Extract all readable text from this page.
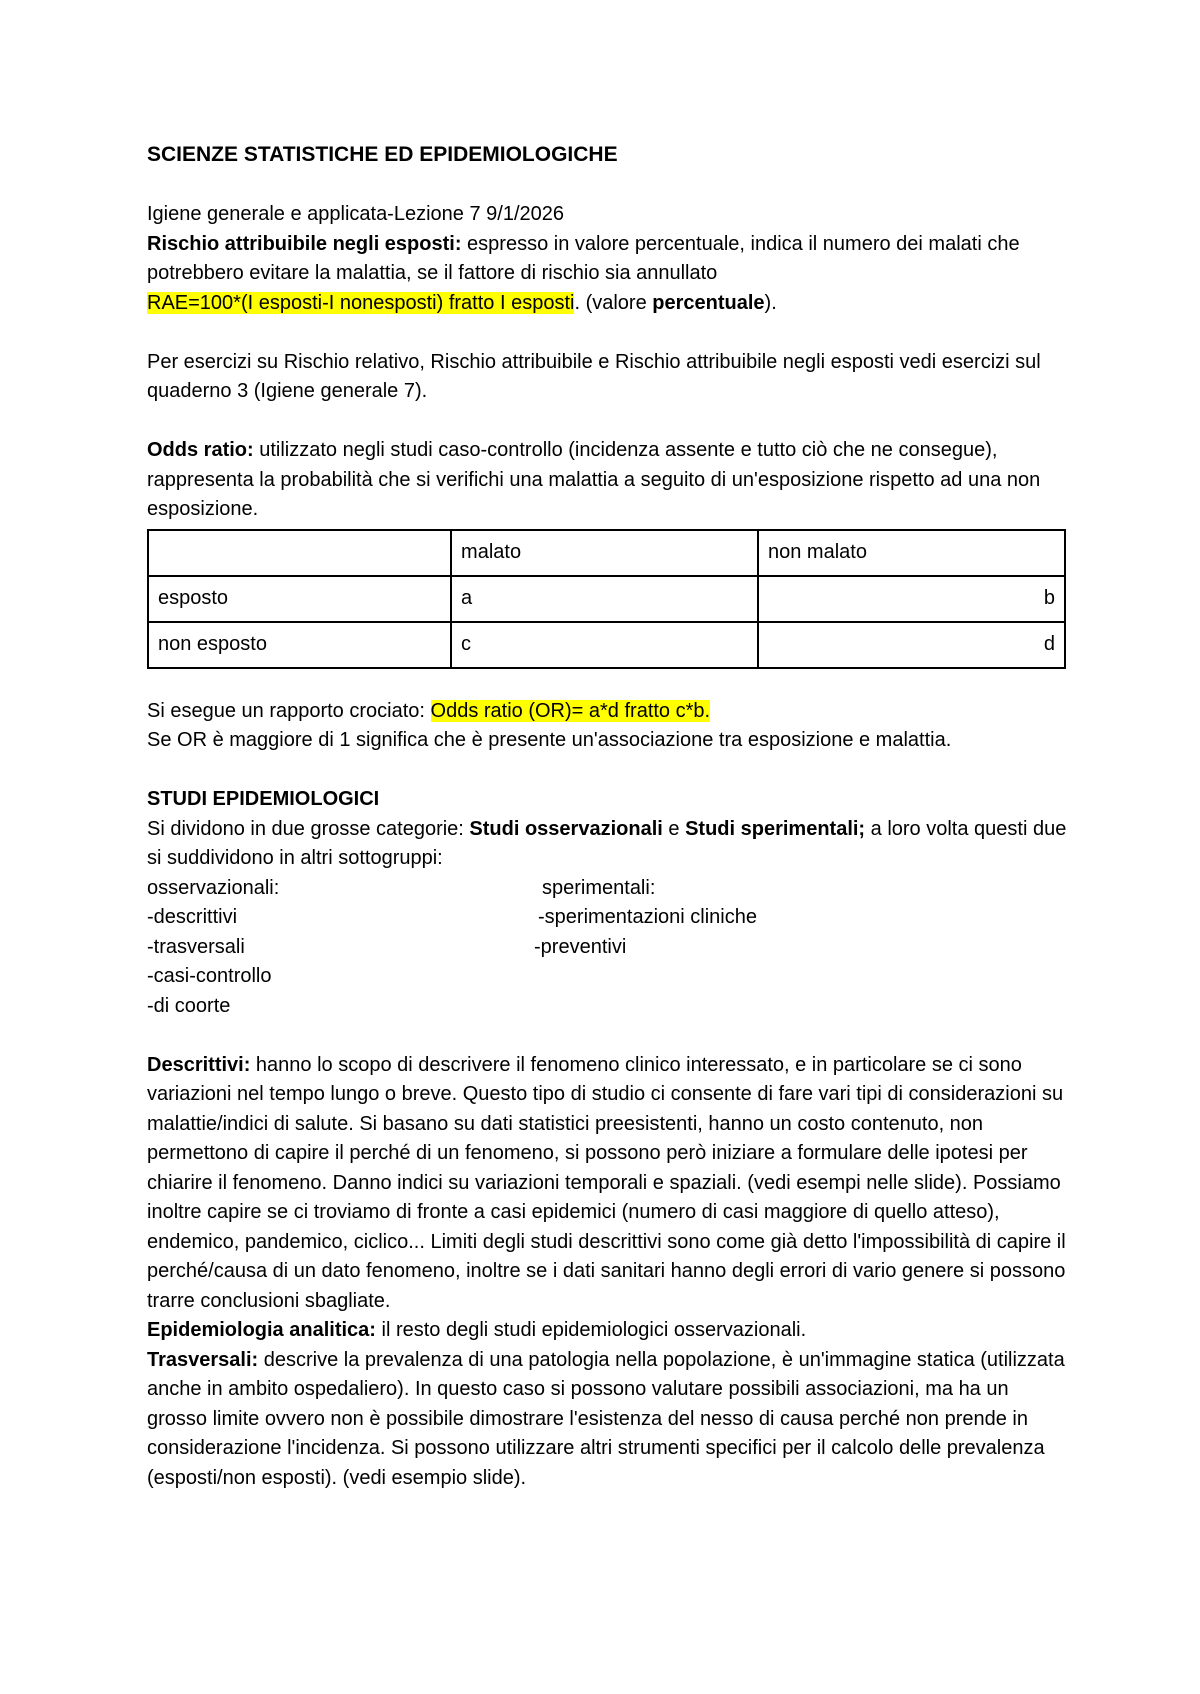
SCIENZE STATISTICHE ED EPIDEMIOLOGICHE

Igiene generale e applicata-Lezione 7 9/1/2026

Rischio attribuibile negli esposti: espresso in valore percentuale, indica il numero dei malati che potrebbero evitare la malattia, se il fattore di rischio sia annullato

RAE=100*(I esposti-I nonesposti) fratto I esposti. (valore percentuale).

Per esercizi su Rischio relativo, Rischio attribuibile e Rischio attribuibile negli esposti vedi esercizi sul quaderno 3 (Igiene generale 7).

Odds ratio: utilizzato negli studi caso-controllo (incidenza assente e tutto ciò che ne consegue), rappresenta la probabilità che si verifichi una malattia a seguito di un'esposizione rispetto ad una non esposizione.

	malato	non malato
esposto	a	b
non esposto	c	d

Si esegue un rapporto crociato: Odds ratio (OR)= a*d fratto c*b.

Se OR è maggiore di 1 significa che è presente un'associazione tra esposizione e malattia.

STUDI EPIDEMIOLOGICI

Si dividono in due grosse categorie: Studi osservazionali e Studi sperimentali; a loro volta questi due si suddividono in altri sottogruppi:

osservazionali:
-descrittivi
-trasversali
-casi-controllo
-di coorte
sperimentali:
-sperimentazioni cliniche
-preventivi

Descrittivi: hanno lo scopo di descrivere il fenomeno clinico interessato, e in particolare se ci sono variazioni nel tempo lungo o breve. Questo tipo di studio ci consente di fare vari tipi di considerazioni su malattie/indici di salute. Si basano su dati statistici preesistenti, hanno un costo contenuto, non permettono di capire il perché di un fenomeno, si possono però iniziare a formulare delle ipotesi per chiarire il fenomeno. Danno indici su variazioni temporali e spaziali. (vedi esempi nelle slide). Possiamo inoltre capire se ci troviamo di fronte a casi epidemici (numero di casi maggiore di quello atteso), endemico, pandemico, ciclico... Limiti degli studi descrittivi sono come già detto l'impossibilità di capire il perché/causa di un dato fenomeno, inoltre se i dati sanitari hanno degli errori di vario genere si possono trarre conclusioni sbagliate.

Epidemiologia analitica: il resto degli studi epidemiologici osservazionali.

Trasversali: descrive la prevalenza di una patologia nella popolazione, è un'immagine statica (utilizzata anche in ambito ospedaliero). In questo caso si possono valutare possibili associazioni, ma ha un grosso limite ovvero non è possibile dimostrare l'esistenza del nesso di causa perché non prende in considerazione l'incidenza. Si possono utilizzare altri strumenti specifici per il calcolo delle prevalenza (esposti/non esposti). (vedi esempio slide).
